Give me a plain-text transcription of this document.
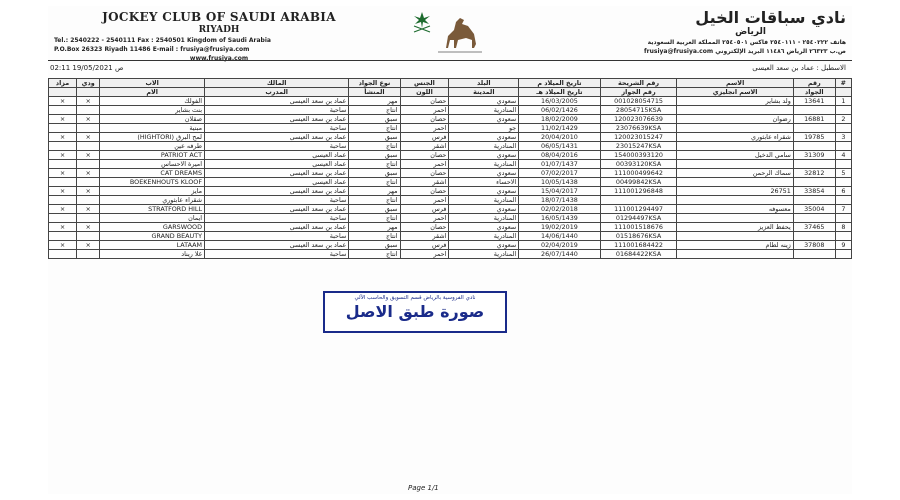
JOCKEY CLUB OF SAUDI ARABIA
RIYADH
Tel.: 2540222 - 2540111 Fax : 2540501 Kingdom of Saudi Arabia
P.O.Box 26323 Riyadh 11486 E-mail : frusiya@frusiya.com
www.frusiya.com
نادي سباقات الخيل
الرياض
هاتف ٢٥٤٠٢٢٢ - ٢٥٤٠١١١ فاكس ٢٥٤٠٥٠١ المملكة العربية السعودية
ص.ب ٢٦٣٢٣ الرياض ١١٤٨٦ البريد الإلكتروني frusiya@frusiya.com
الاسطبل : عماد بن سعد العيسى
02:11 19/05/2021 ص
#	رقم	الاسم	رقم الشريحة	تاريخ الميلاد م	البلد	الجنس	نوع الجواد	المالك	الاب	ودي	مزاد
	الجواد	الاسم انجليزي	رقم الجواز	تاريخ الميلاد هـ	المدينة	اللون	المنشأ	المدرب	الام		
1	13641	ولد بشاير	001028054715	16/03/2005	سعودي	حصان	مهر	عماد بن سعد العيسى	الفولك	×	×
			28054715KSA	06/02/1426	المنادرية	احمر	انتاج	ساحبة	بنت بشاير		
2	16881	رضوان	120023076639	18/02/2009	سعودي	حصان	سبق	عماد بن سعد العيسى	صقلان	×	×
			23076639KSA	11/02/1429	جو	احمر	انتاج	ساحبة	مبنية		
3	19785	شقراء عابثوري	120023015247	20/04/2010	سعودي	فرس	سبق	عماد بن سعد العيسى	لمح البرق (HIGHTORI)	×	×
			23015247KSA	06/05/1431	المنادرية	اشقر	انتاج	ساحبة	طرفه عين		
4	31309	سامي الدخيل	154000393120	08/04/2016	سعودي	حصان	سبق	عماد العيسى	PATRIOT ACT	×	×
			00393120KSA	01/07/1437	المنادرية	احمر	انتاج	عماد العيسى	اميرة الاحساس		
5	32812	سماك الرحمن	111000499642	07/02/2017	سعودي	حصان	سبق	عماد بن سعد العيسى	CAT DREAMS	×	×
			00499842KSA	10/05/1438	الاحساء	اشقر	انتاج	عماد العيسى	BOEKENHOUTS KLOOF		
6	33854	26751	111001296848	15/04/2017	سعودي	حصان	مهر	عماد بن سعد العيسى	مايز	×	×
				18/07/1438	المنادرية	احمر	انتاج	ساحبة	شقراء عابثوري		
7	35004	معسوفه	111001294497	02/02/2018	سعودي	فرس	سبق	عماد بن سعد العيسى	STRATFORD HILL	×	×
			01294497KSA	16/05/1439	المنادرية	احمر	انتاج	ساحبة	ايمان		
8	37465	يحفظ العزيز	111001518676	19/02/2019	سعودي	حصان	مهر	عماد بن سعد العيسى	GARSWOOD	×	×
			01518676KSA	14/06/1440	المنادرية	اشقر	انتاج	ساحبة	GRAND BEAUTY		
9	37808	زينه لطام	111001684422	02/04/2019	سعودي	فرس	سبق	عماد بن سعد العيسى	LATAAM	×	×
			01684422KSA	26/07/1440	المنادرية	احمر	انتاج	ساحبة	غلا ريناد		
نادي الفروسية بالرياض قسم التسويق والحاسب الآلي
صورة طبق الاصل
Page 1/1
